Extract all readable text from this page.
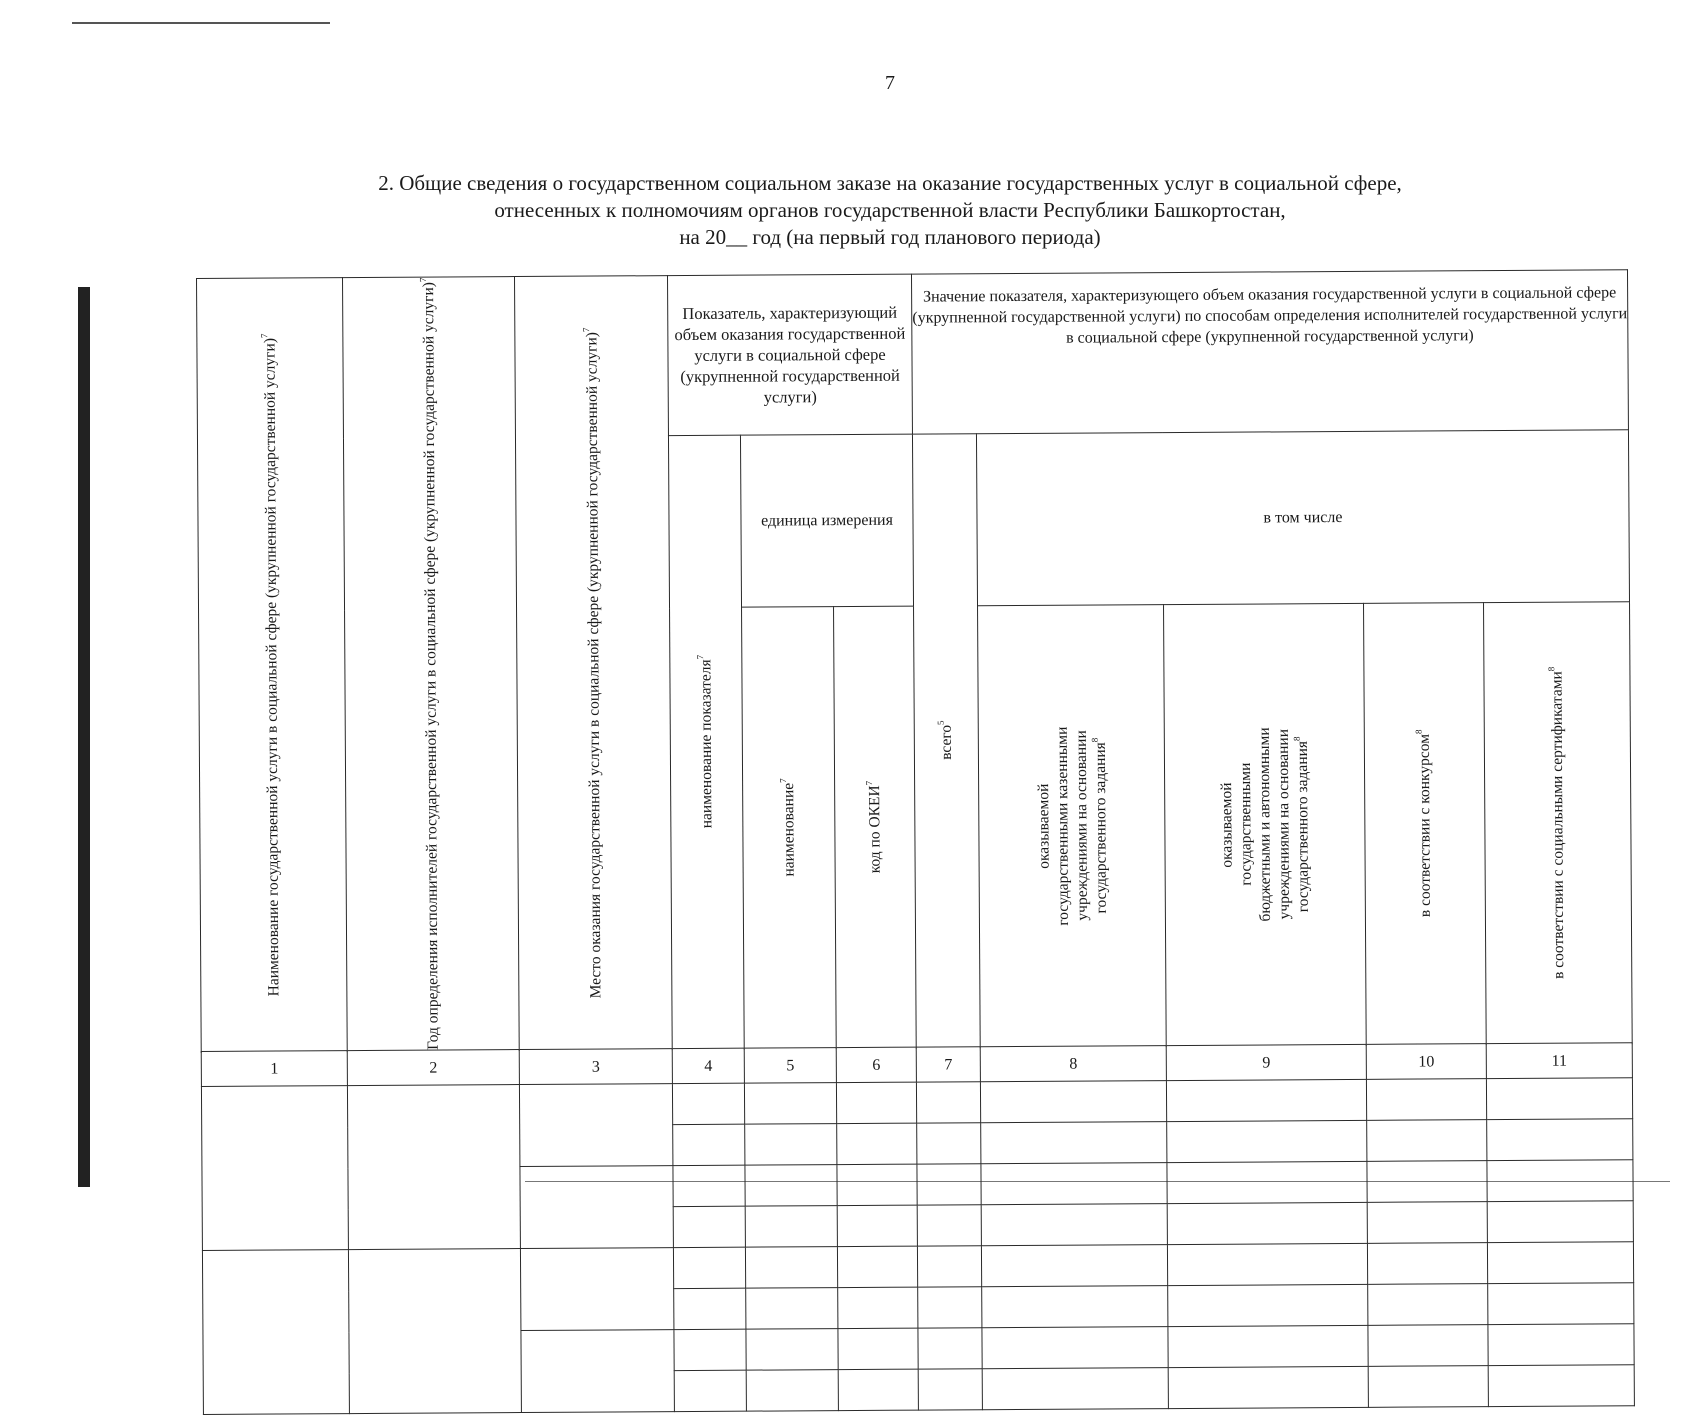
7
2. Общие сведения о государственном социальном заказе на оказание государственных услуг в социальной сфере,
отнесенных к полномочиям органов государственной власти Республики Башкортостан,
на 20__ год (на первый год планового периода)
Наименование государственной услуги в социальной сфере (укрупненной государственной услуги)$^7$	Год определения исполнителей государственной услуги в социальной сфере (укрупненной государственной услуги)$^7$	Место оказания государственной услуги в социальной сфере (укрупненной государственной услуги)$^7$	Показатель, характеризующий объем оказания государственной услуги в социальной сфере (укрупненной государственной услуги)			Значение показателя, характеризующего объем оказания государственной услуги в социальной сфере (укрупненной государственной услуги) по способам определения исполнителей государственной услуги в социальной сфере (укрупненной государственной услуги)				

			наименование показателя$^7$	единица измерения		всего$^5$	в том числе			

				наименование$^7$	код по ОКЕИ$^7$		оказываемой государственными казенными учреждениями на основании государственного задания$^8$	оказываемой государственными бюджетными и автономными учреждениями на основании государственного задания$^8$	в соответствии с конкурсом$^8$	в соответствии с социальными сертификатами$^8$

1	2	3	4	5	6	7	8	9	10	11
